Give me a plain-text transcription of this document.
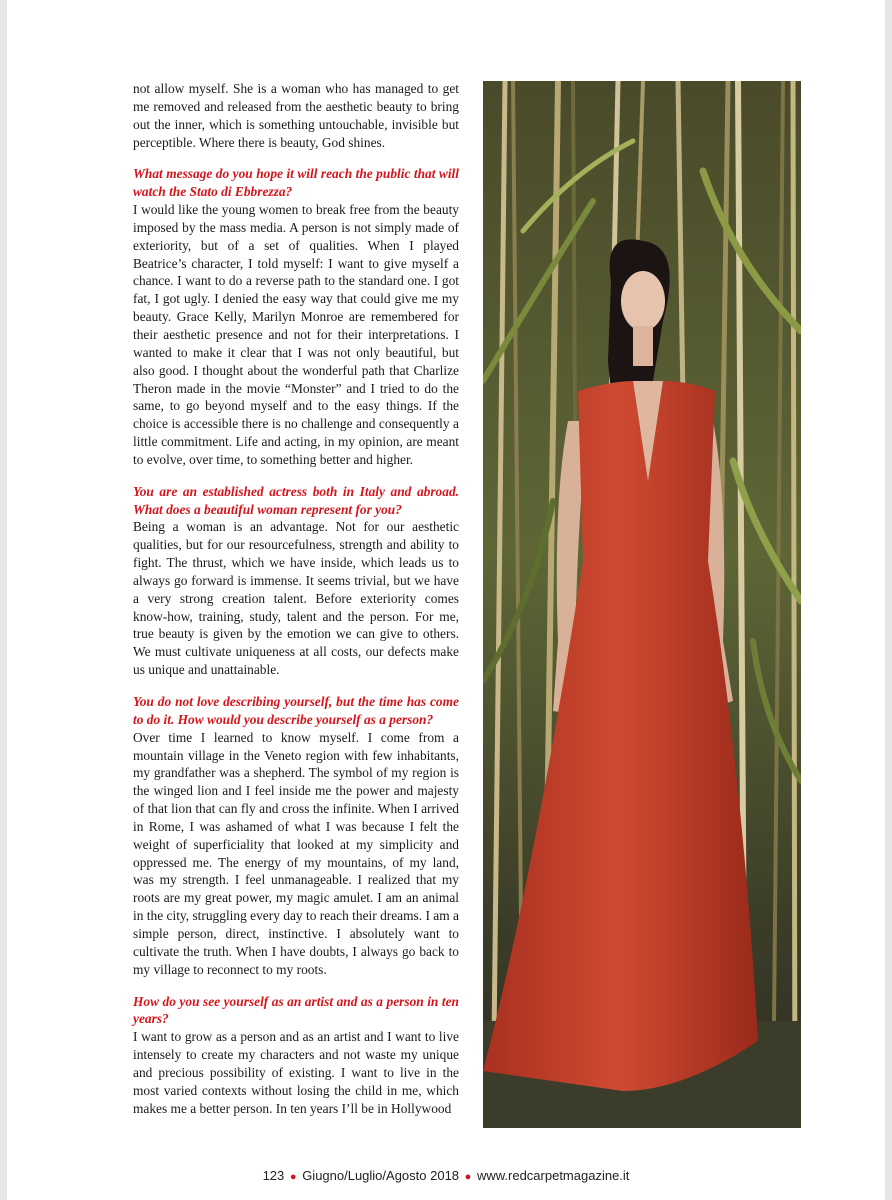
not allow myself. She is a woman who has managed to get me removed and released from the aesthetic beauty to bring out the inner, which is something untouchable, invisible but perceptible. Where there is beauty, God shines.

What message do you hope it will reach the public that will watch the Stato di Ebbrezza?

I would like the young women to break free from the beauty imposed by the mass media. A person is not simply made of exteriority, but of a set of qualities. When I played Beatrice’s character, I told myself: I want to give myself a chance. I want to do a reverse path to the standard one. I got fat, I got ugly. I denied the easy way that could give me my beauty. Grace Kelly, Marilyn Monroe are remembered for their aesthetic presence and not for their interpretations. I wanted to make it clear that I was not only beautiful, but also good. I thought about the wonderful path that Charlize Theron made in the movie “Monster” and I tried to do the same, to go beyond myself and to the easy things. If the choice is accessible there is no challenge and consequently a little commitment. Life and acting, in my opinion, are meant to evolve, over time, to something better and higher.

You are an established actress both in Italy and abroad. What does a beautiful woman represent for you?

Being a woman is an advantage. Not for our aesthetic qualities, but for our resourcefulness, strength and ability to fight. The thrust, which we have inside, which leads us to always go forward is immense. It seems trivial, but we have a very strong creation talent. Before exteriority comes know-how, training, study, talent and the person. For me, true beauty is given by the emotion we can give to others. We must cultivate uniqueness at all costs, our defects make us unique and unattainable.

You do not love describing yourself, but the time has come to do it. How would you describe yourself as a person?

Over time I learned to know myself. I come from a mountain village in the Veneto region with few inhabitants, my grandfather was a shepherd. The symbol of my region is the winged lion and I feel inside me the power and majesty of that lion that can fly and cross the infinite. When I arrived in Rome, I was ashamed of what I was because I felt the weight of superficiality that looked at my simplicity and oppressed me. The energy of my mountains, of my land, was my strength. I feel unmanageable. I realized that my roots are my great power, my magic amulet. I am an animal in the city, struggling every day to reach their dreams. I am a simple person, direct, instinctive. I absolutely want to cultivate the truth. When I have doubts, I always go back to my village to reconnect to my roots.

How do you see yourself as an artist and as a person in ten years?

I want to grow as a person and as an artist and I want to live intensely to create my characters and not waste my unique and precious possibility of existing. I want to live in the most varied contexts without losing the child in me, which makes me a better person. In ten years I’ll be in Hollywood

123 ● Giugno/Luglio/Agosto 2018 ● www.redcarpetmagazine.it
